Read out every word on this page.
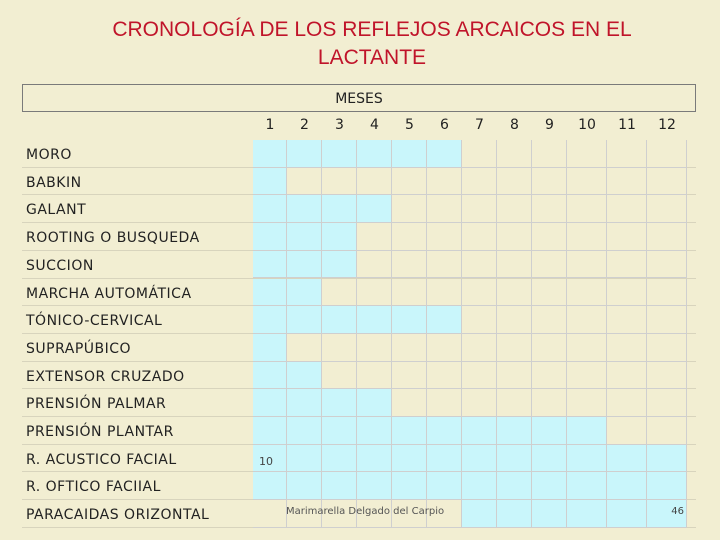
CRONOLOGÍA DE LOS REFLEJOS ARCAICOS EN EL
LACTANTE
MESES
1	2	3	4	5	6	7	8	9	10	11	12
MORO
BABKIN
GALANT
ROOTING O BUSQUEDA
SUCCION
MARCHA AUTOMÁTICA
TÓNICO-CERVICAL
SUPRAPÚBICO
EXTENSOR CRUZADO
PRENSIÓN PALMAR
PRENSIÓN PLANTAR
R. ACUSTICO FACIAL
R. OFTICO FACIIAL
PARACAIDAS ORIZONTAL
10
Marimarella Delgado del Carpio	46
